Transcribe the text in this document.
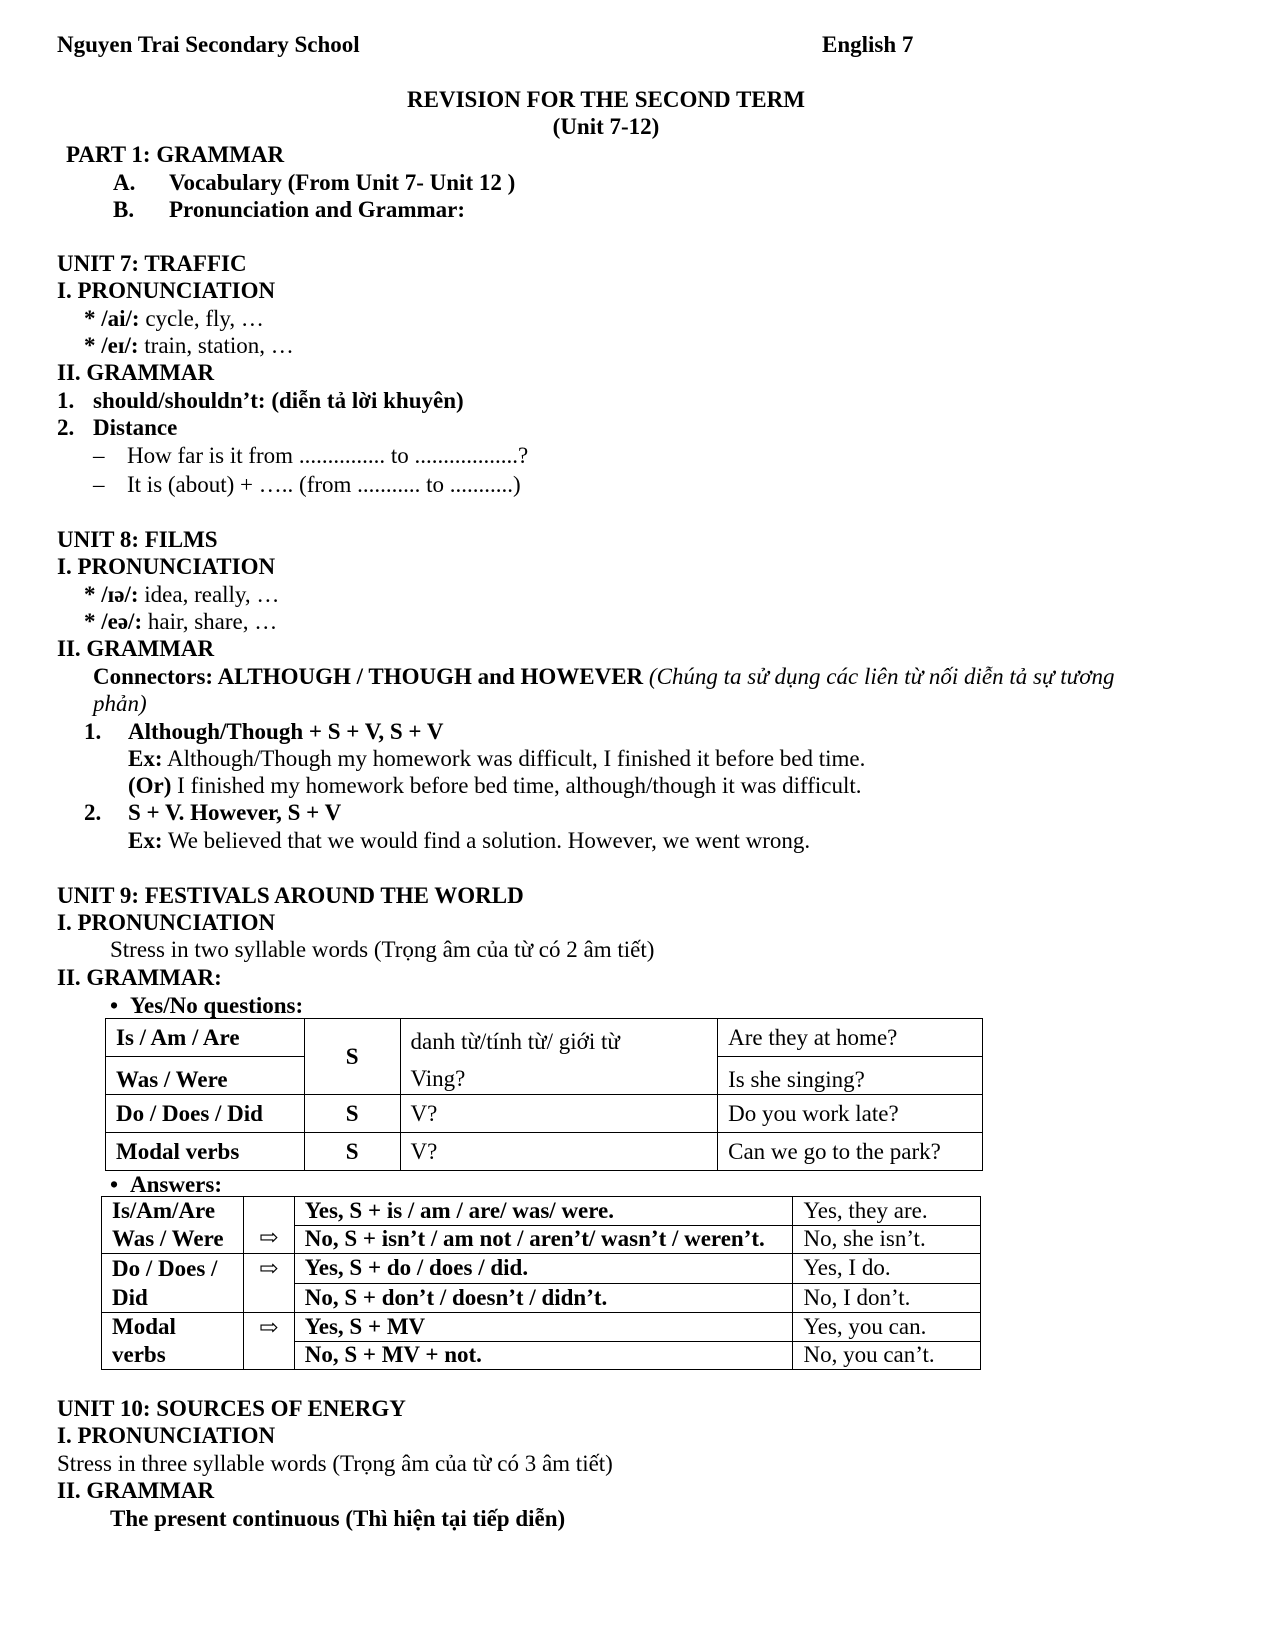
Nguyen Trai Secondary School	English 7
REVISION FOR THE SECOND TERM
(Unit 7-12)
PART 1: GRAMMAR
A. Vocabulary (From Unit 7- Unit 12 )
B. Pronunciation and Grammar:
UNIT 7: TRAFFIC
I. PRONUNCIATION
* /ai/: cycle, fly, …
* /eɪ/: train, station, …
II. GRAMMAR
1. should/shouldn’t: (diễn tả lời khuyên)
2. Distance
– How far is it from ............... to ..................?
– It is (about) + ….. (from ........... to ...........)
UNIT 8: FILMS
I. PRONUNCIATION
* /ɪə/: idea, really, …
* /eə/: hair, share, …
II. GRAMMAR
Connectors: ALTHOUGH / THOUGH and HOWEVER (Chúng ta sử dụng các liên từ nối diễn tả sự tương
phản)
1. Although/Though + S + V, S + V
Ex: Although/Though my homework was difficult, I finished it before bed time.
(Or) I finished my homework before bed time, although/though it was difficult.
2. S + V. However, S + V
Ex: We believed that we would find a solution. However, we went wrong.
UNIT 9: FESTIVALS AROUND THE WORLD
I. PRONUNCIATION
Stress in two syllable words (Trọng âm của từ có 2 âm tiết)
II. GRAMMAR:
• Yes/No questions:
Is / Am / Are	S	danh từ/tính từ/ giới từ	Are they at home?
Was / Were		Ving?	Is she singing?
Do / Does / Did	S	V?	Do you work late?
Modal verbs	S	V?	Can we go to the park?
• Answers:
Is/Am/Are
Was / Were	⇨	Yes, S + is / am / are/ was/ were.	Yes, they are.
		No, S + isn’t / am not / aren’t/ wasn’t / weren’t.	No, she isn’t.

Do / Does /
Did	⇨	Yes, S + do / does / did.	Yes, I do.
		No, S + don’t / doesn’t / didn’t.	No, I don’t.

Modal
verbs	⇨	Yes, S + MV	Yes, you can.
		No, S + MV + not.	No, you can’t.
UNIT 10: SOURCES OF ENERGY
I. PRONUNCIATION
Stress in three syllable words (Trọng âm của từ có 3 âm tiết)
II. GRAMMAR
The present continuous (Thì hiện tại tiếp diễn)
